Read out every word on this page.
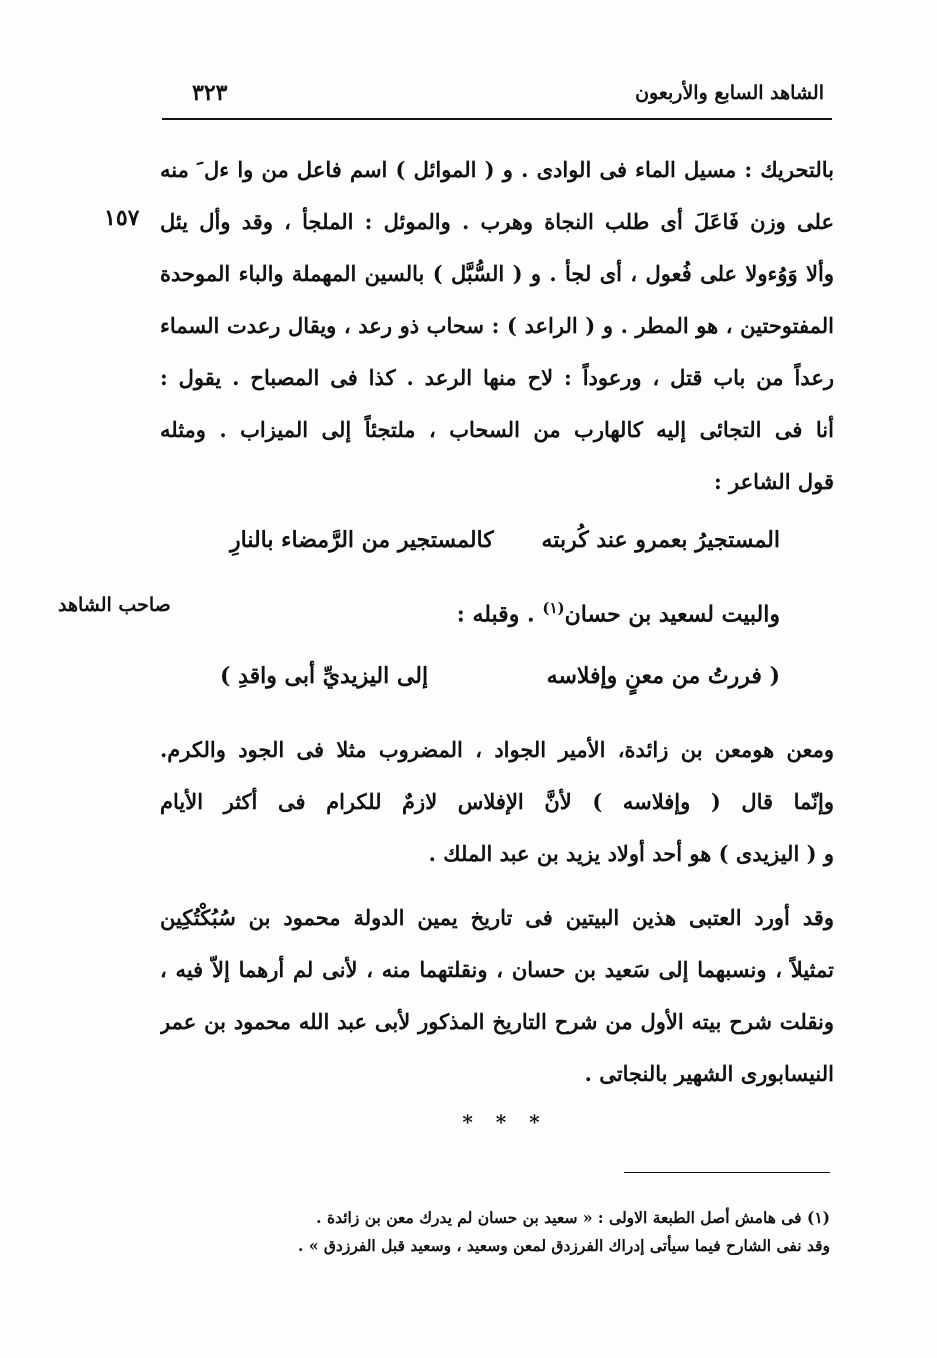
الشاهد السابع والأربعون
٣٢٣
١٥٧
صاحب الشاهد
بالتحريك : مسيل الماء فى الوادى . و ( الموائل ) اسم فاعل من وا ءل َ منه
على وزن فَاعَلَ أى طلب النجاة وهرب . والموئل : الملجأ ، وقد وأل يئل
وألا وَوُءولا على فُعول ، أى لجأ . و ( السُّبَّل ) بالسين المهملة والباء الموحدة
المفتوحتين ، هو المطر . و ( الراعد ) : سحاب ذو رعد ، ويقال رعدت السماء
رعداً من باب قتل ، ورعوداً : لاح منها الرعد . كذا فى المصباح . يقول :
أنا فى التجائى إليه كالهارب من السحاب ، ملتجئاً إلى الميزاب . ومثله
قول الشاعر :
المستجيرُ بعمرو عند كُربته
كالمستجير من الرَّمضاء بالنارِ
والبيت لسعيد بن حسان$^{(١)}$ . وقبله :
( فررتُ من معنٍ وإفلاسه
إلى اليزيديِّ أبى واقدِ )
ومعن هومعن بن زائدة، الأمير الجواد ، المضروب مثلا فى الجود والكرم.
وإنّما قال ( وإفلاسه ) لأنَّ الإفلاس لازمٌ للكرام فى أكثر الأيام
و ( اليزيدى ) هو أحد أولاد يزيد بن عبد الملك .
وقد أورد العتبى هذين البيتين فى تاريخ يمين الدولة محمود بن سُبُكْتُكِين
تمثيلاً ، ونسبهما إلى سَعيد بن حسان ، ونقلتهما منه ، لأنى لم أرهما إلاّ فيه ،
ونقلت شرح بيته الأول من شرح التاريخ المذكور لأبى عبد الله محمود بن عمر
النيسابورى الشهير بالنجاتى .
* * *
(١) فى هامش أصل الطبعة الاولى : « سعيد بن حسان لم يدرك معن بن زائدة .
وقد نفى الشارح فيما سيأتى إدراك الفرزدق لمعن وسعيد ، وسعيد قبل الفرزدق » .
